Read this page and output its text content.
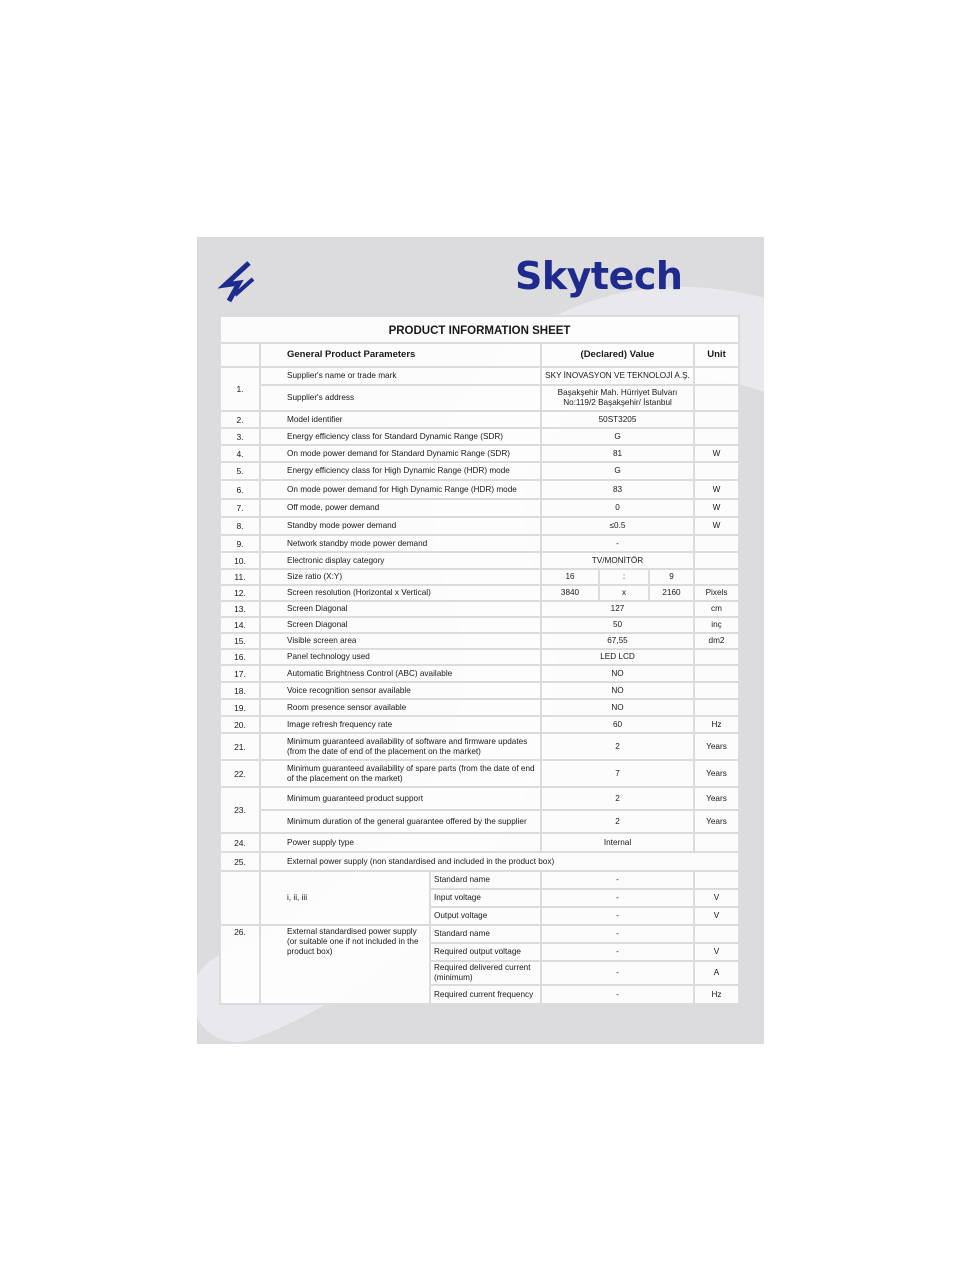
Skytech
PRODUCT INFORMATION SHEET						
	General Product Parameters		(Declared) Value			Unit
1.	Supplier's name or trade mark		SKY İNOVASYON VE TEKNOLOJİ A.Ş.			
	Supplier's address		Başakşehir Mah. Hürriyet Bulvarı No:119/2 Başakşehir/ İstanbul			
2.	Model identifier		50ST3205			
3.	Energy efficiency class for Standard Dynamic Range (SDR)		G			
4.	On mode power demand for Standard Dynamic Range (SDR)		81			W
5.	Energy efficiency class for High Dynamic Range (HDR) mode		G			
6.	On mode power demand for High Dynamic Range (HDR) mode		83			W
7.	Off mode, power demand		0			W
8.	Standby mode power demand		≤0.5			W
9.	Network standby mode power demand		-			
10.	Electronic display category		TV/MONİTÖR			
11.	Size ratio (X:Y)		16	:	9	
12.	Screen resolution (Horizontal x Vertical)		3840	x	2160	Pixels
13.	Screen Diagonal		127			cm
14.	Screen Diagonal		50			inç
15.	Visible screen area		67,55			dm2
16.	Panel technology used		LED LCD			
17.	Automatic Brightness Control (ABC) available		NO			
18.	Voice recognition sensor available		NO			
19.	Room presence sensor available		NO			
20.	Image refresh frequency rate		60			Hz
21.	Minimum guaranteed availability of software and firmware updates (from the date of end of the placement on the market)		2			Years
22.	Minimum guaranteed availability of spare parts (from the date of end of the placement on the market)		7			Years
23.	Minimum guaranteed product support		2			Years
	Minimum duration of the general guarantee offered by the supplier		2			Years
24.	Power supply type		Internal			
25.	External power supply (non standardised and included in the product box)					
	i, ii, iii	Standard name	-			
		Input voltage	-			V
		Output voltage	-			V
26.	External standardised power supply (or suitable one if not included in the product box)	Standard name	-			
		Required output voltage	-			V
		Required delivered current (minimum)	-			A
		Required current frequency	-			Hz
